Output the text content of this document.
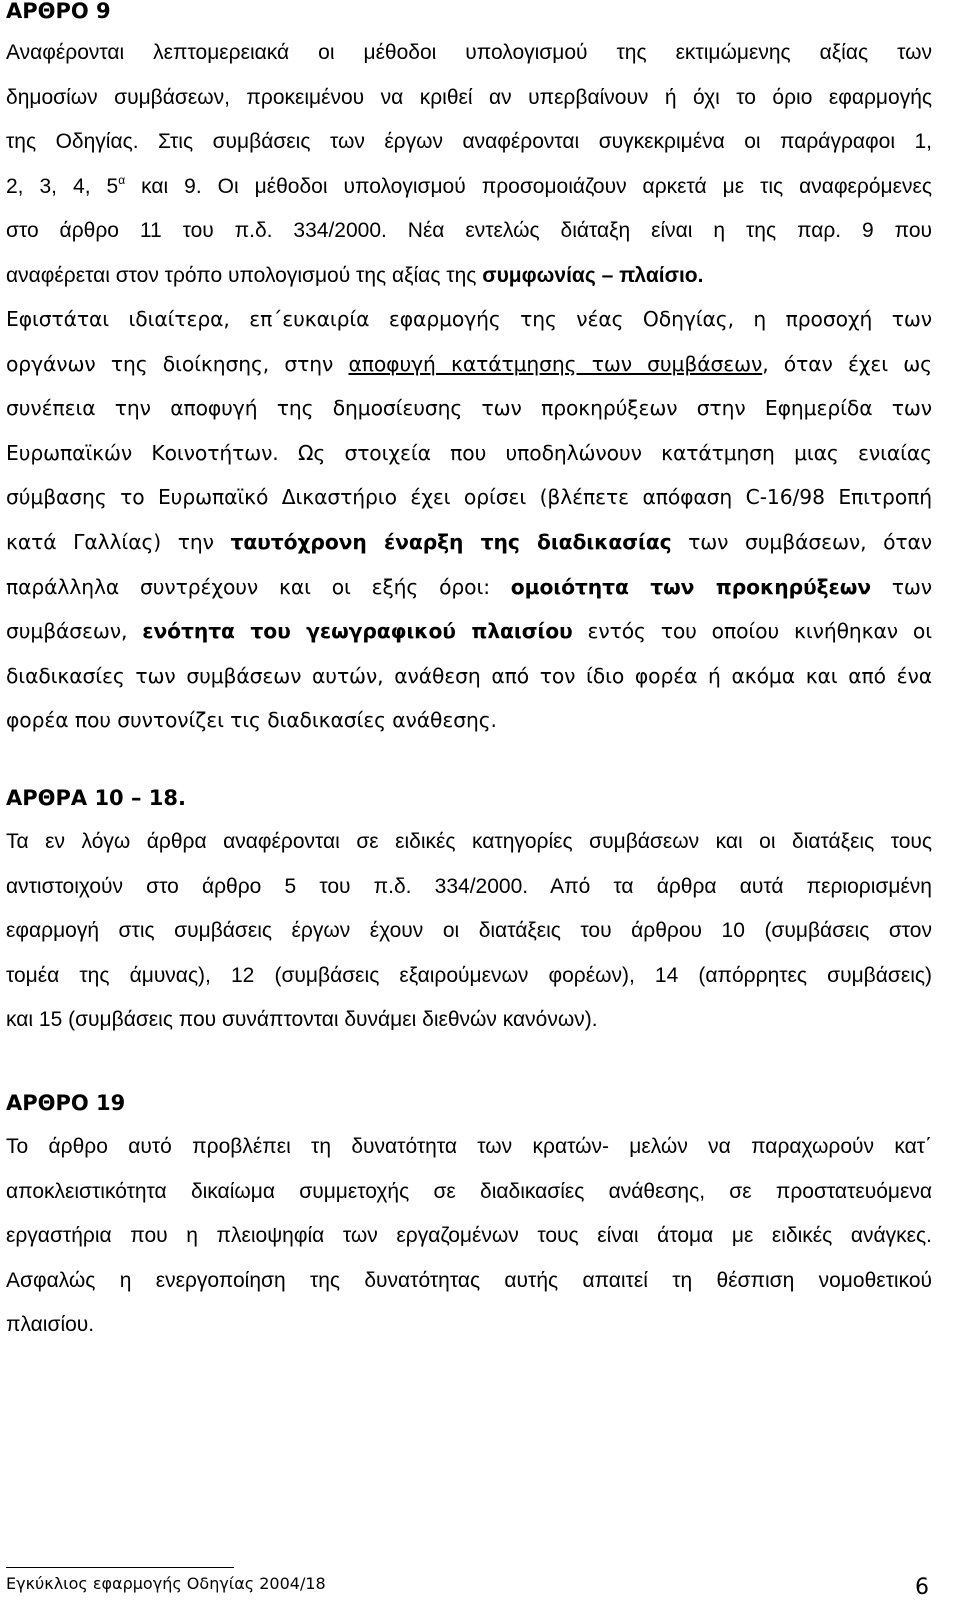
ΑΡΘΡΟ 9
Αναφέρονται λεπτομερειακά οι μέθοδοι υπολογισμού της εκτιμώμενης αξίας των
δημοσίων συμβάσεων, προκειμένου να κριθεί αν υπερβαίνουν ή όχι το όριο εφαρμογής
της Οδηγίας. Στις συμβάσεις των έργων αναφέρονται συγκεκριμένα οι παράγραφοι 1,
2, 3, 4, $5^\alpha$ και 9. Οι μέθοδοι υπολογισμού προσομοιάζουν αρκετά με τις αναφερόμενες
στο άρθρο 11 του π.δ. 334/2000. Νέα εντελώς διάταξη είναι η της παρ. 9 που
αναφέρεται στον τρόπο υπολογισμού της αξίας της συμφωνίας – πλαίσιο.
Εφιστάται ιδιαίτερα, επ΄ευκαιρία εφαρμογής της νέας Οδηγίας, η προσοχή των
οργάνων της διοίκησης, στην αποφυγή κατάτμησης των συμβάσεων, όταν έχει ως
συνέπεια την αποφυγή της δημοσίευσης των προκηρύξεων στην Εφημερίδα των
Ευρωπαϊκών Κοινοτήτων. Ως στοιχεία που υποδηλώνουν κατάτμηση μιας ενιαίας
σύμβασης το Ευρωπαϊκό Δικαστήριο έχει ορίσει (βλέπετε απόφαση C-16/98 Επιτροπή
κατά Γαλλίας) την ταυτόχρονη έναρξη της διαδικασίας των συμβάσεων, όταν
παράλληλα συντρέχουν και οι εξής όροι: ομοιότητα των προκηρύξεων των
συμβάσεων, ενότητα του γεωγραφικού πλαισίου εντός του οποίου κινήθηκαν οι
διαδικασίες των συμβάσεων αυτών, ανάθεση από τον ίδιο φορέα ή ακόμα και από ένα
φορέα που συντονίζει τις διαδικασίες ανάθεσης.
ΑΡΘΡΑ 10 – 18.
Τα εν λόγω άρθρα αναφέρονται σε ειδικές κατηγορίες συμβάσεων και οι διατάξεις τους
αντιστοιχούν στο άρθρο 5 του π.δ. 334/2000. Από τα άρθρα αυτά περιορισμένη
εφαρμογή στις συμβάσεις έργων έχουν οι διατάξεις του άρθρου 10 (συμβάσεις στον
τομέα της άμυνας), 12 (συμβάσεις εξαιρούμενων φορέων), 14 (απόρρητες συμβάσεις)
και 15 (συμβάσεις που συνάπτονται δυνάμει διεθνών κανόνων).
ΑΡΘΡΟ 19
Το άρθρο αυτό προβλέπει τη δυνατότητα των κρατών- μελών να παραχωρούν κατ΄
αποκλειστικότητα δικαίωμα συμμετοχής σε διαδικασίες ανάθεσης, σε προστατευόμενα
εργαστήρια που η πλειοψηφία των εργαζομένων τους είναι άτομα με ειδικές ανάγκες.
Ασφαλώς η ενεργοποίηση της δυνατότητας αυτής απαιτεί τη θέσπιση νομοθετικού
πλαισίου.
Εγκύκλιος εφαρμογής Οδηγίας 2004/18	6
